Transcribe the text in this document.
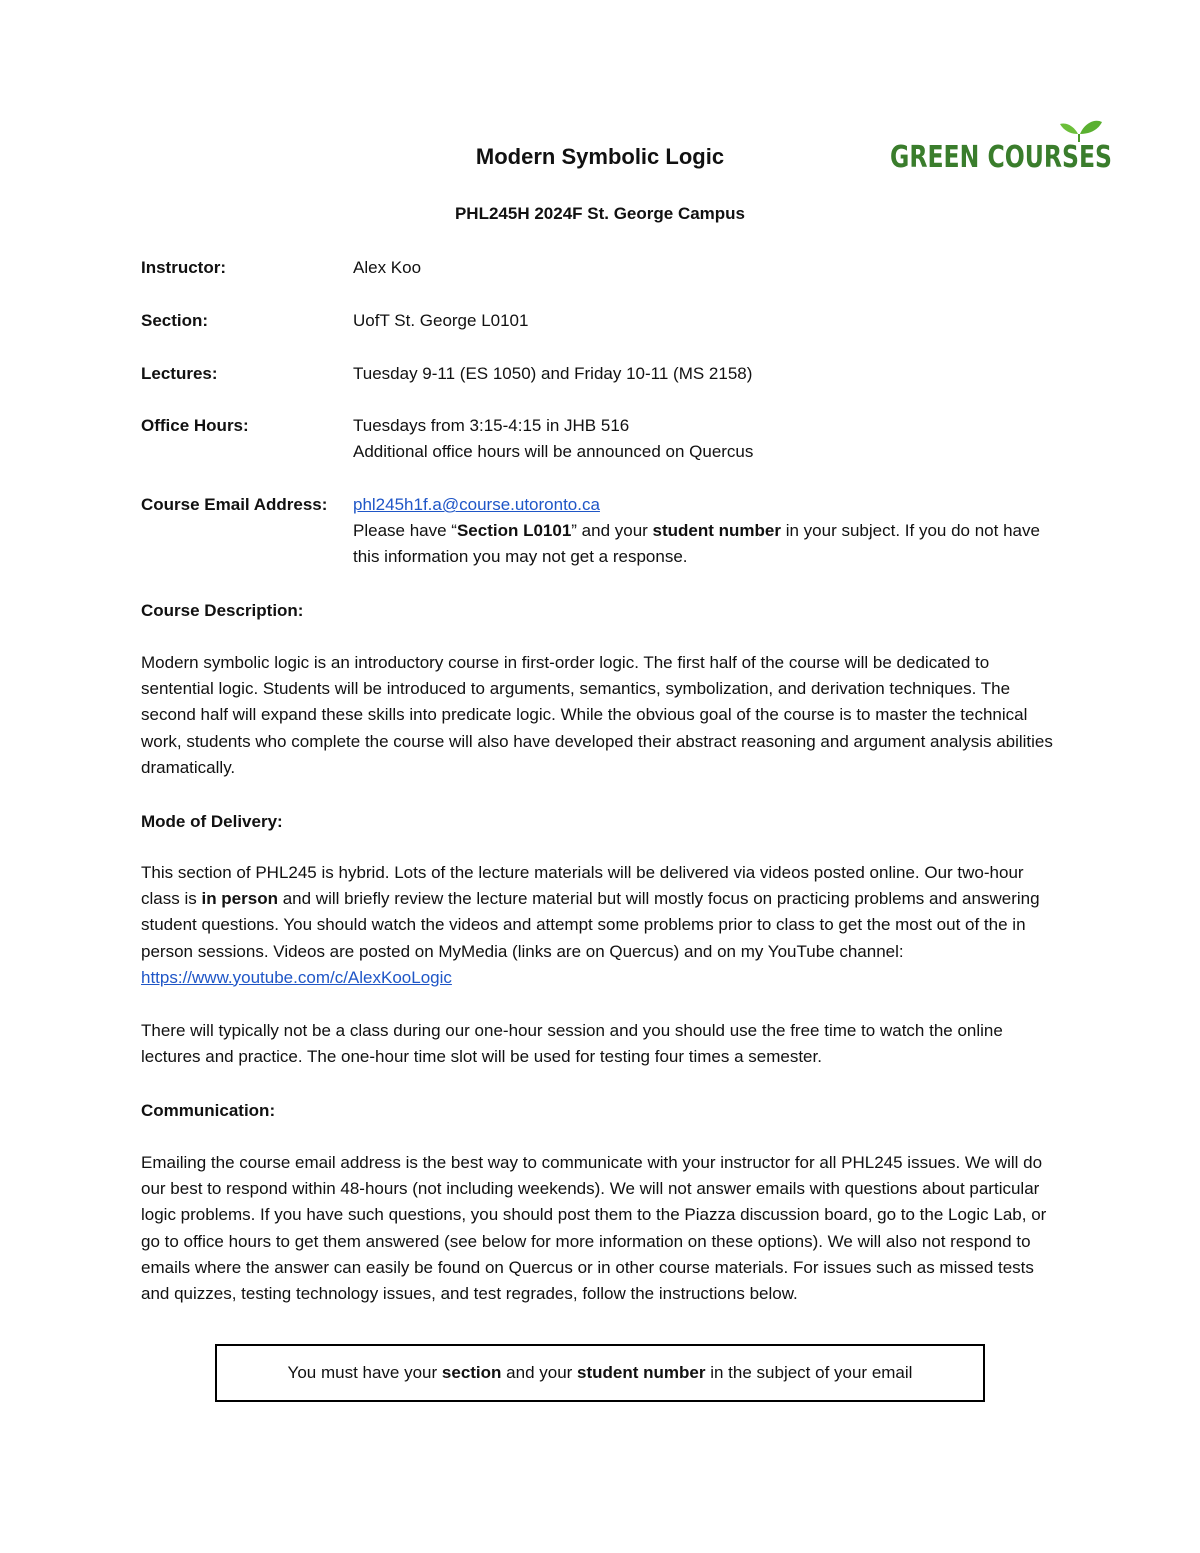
GREEN COURSES
Modern Symbolic Logic
PHL245H 2024F St. George Campus
Instructor:	Alex Koo
Section:	UofT St. George L0101
Lectures:	Tuesday 9-11 (ES 1050) and Friday 10-11 (MS 2158)
Office Hours:	Tuesdays from 3:15-4:15 in JHB 516
Additional office hours will be announced on Quercus
Course Email Address: phl245h1f.a@course.utoronto.ca
Please have “Section L0101” and your student number in your subject. If you do not have this information you may not get a response.
Course Description:
Modern symbolic logic is an introductory course in first-order logic. The first half of the course will be dedicated to sentential logic. Students will be introduced to arguments, semantics, symbolization, and derivation techniques. The second half will expand these skills into predicate logic. While the obvious goal of the course is to master the technical work, students who complete the course will also have developed their abstract reasoning and argument analysis abilities dramatically.
Mode of Delivery:
This section of PHL245 is hybrid. Lots of the lecture materials will be delivered via videos posted online. Our two-hour class is in person and will briefly review the lecture material but will mostly focus on practicing problems and answering student questions. You should watch the videos and attempt some problems prior to class to get the most out of the in person sessions. Videos are posted on MyMedia (links are on Quercus) and on my YouTube channel: https://www.youtube.com/c/AlexKooLogic
There will typically not be a class during our one-hour session and you should use the free time to watch the online lectures and practice. The one-hour time slot will be used for testing four times a semester.
Communication:
Emailing the course email address is the best way to communicate with your instructor for all PHL245 issues. We will do our best to respond within 48-hours (not including weekends). We will not answer emails with questions about particular logic problems. If you have such questions, you should post them to the Piazza discussion board, go to the Logic Lab, or go to office hours to get them answered (see below for more information on these options). We will also not respond to emails where the answer can easily be found on Quercus or in other course materials. For issues such as missed tests and quizzes, testing technology issues, and test regrades, follow the instructions below.
You must have your section and your student number in the subject of your email
